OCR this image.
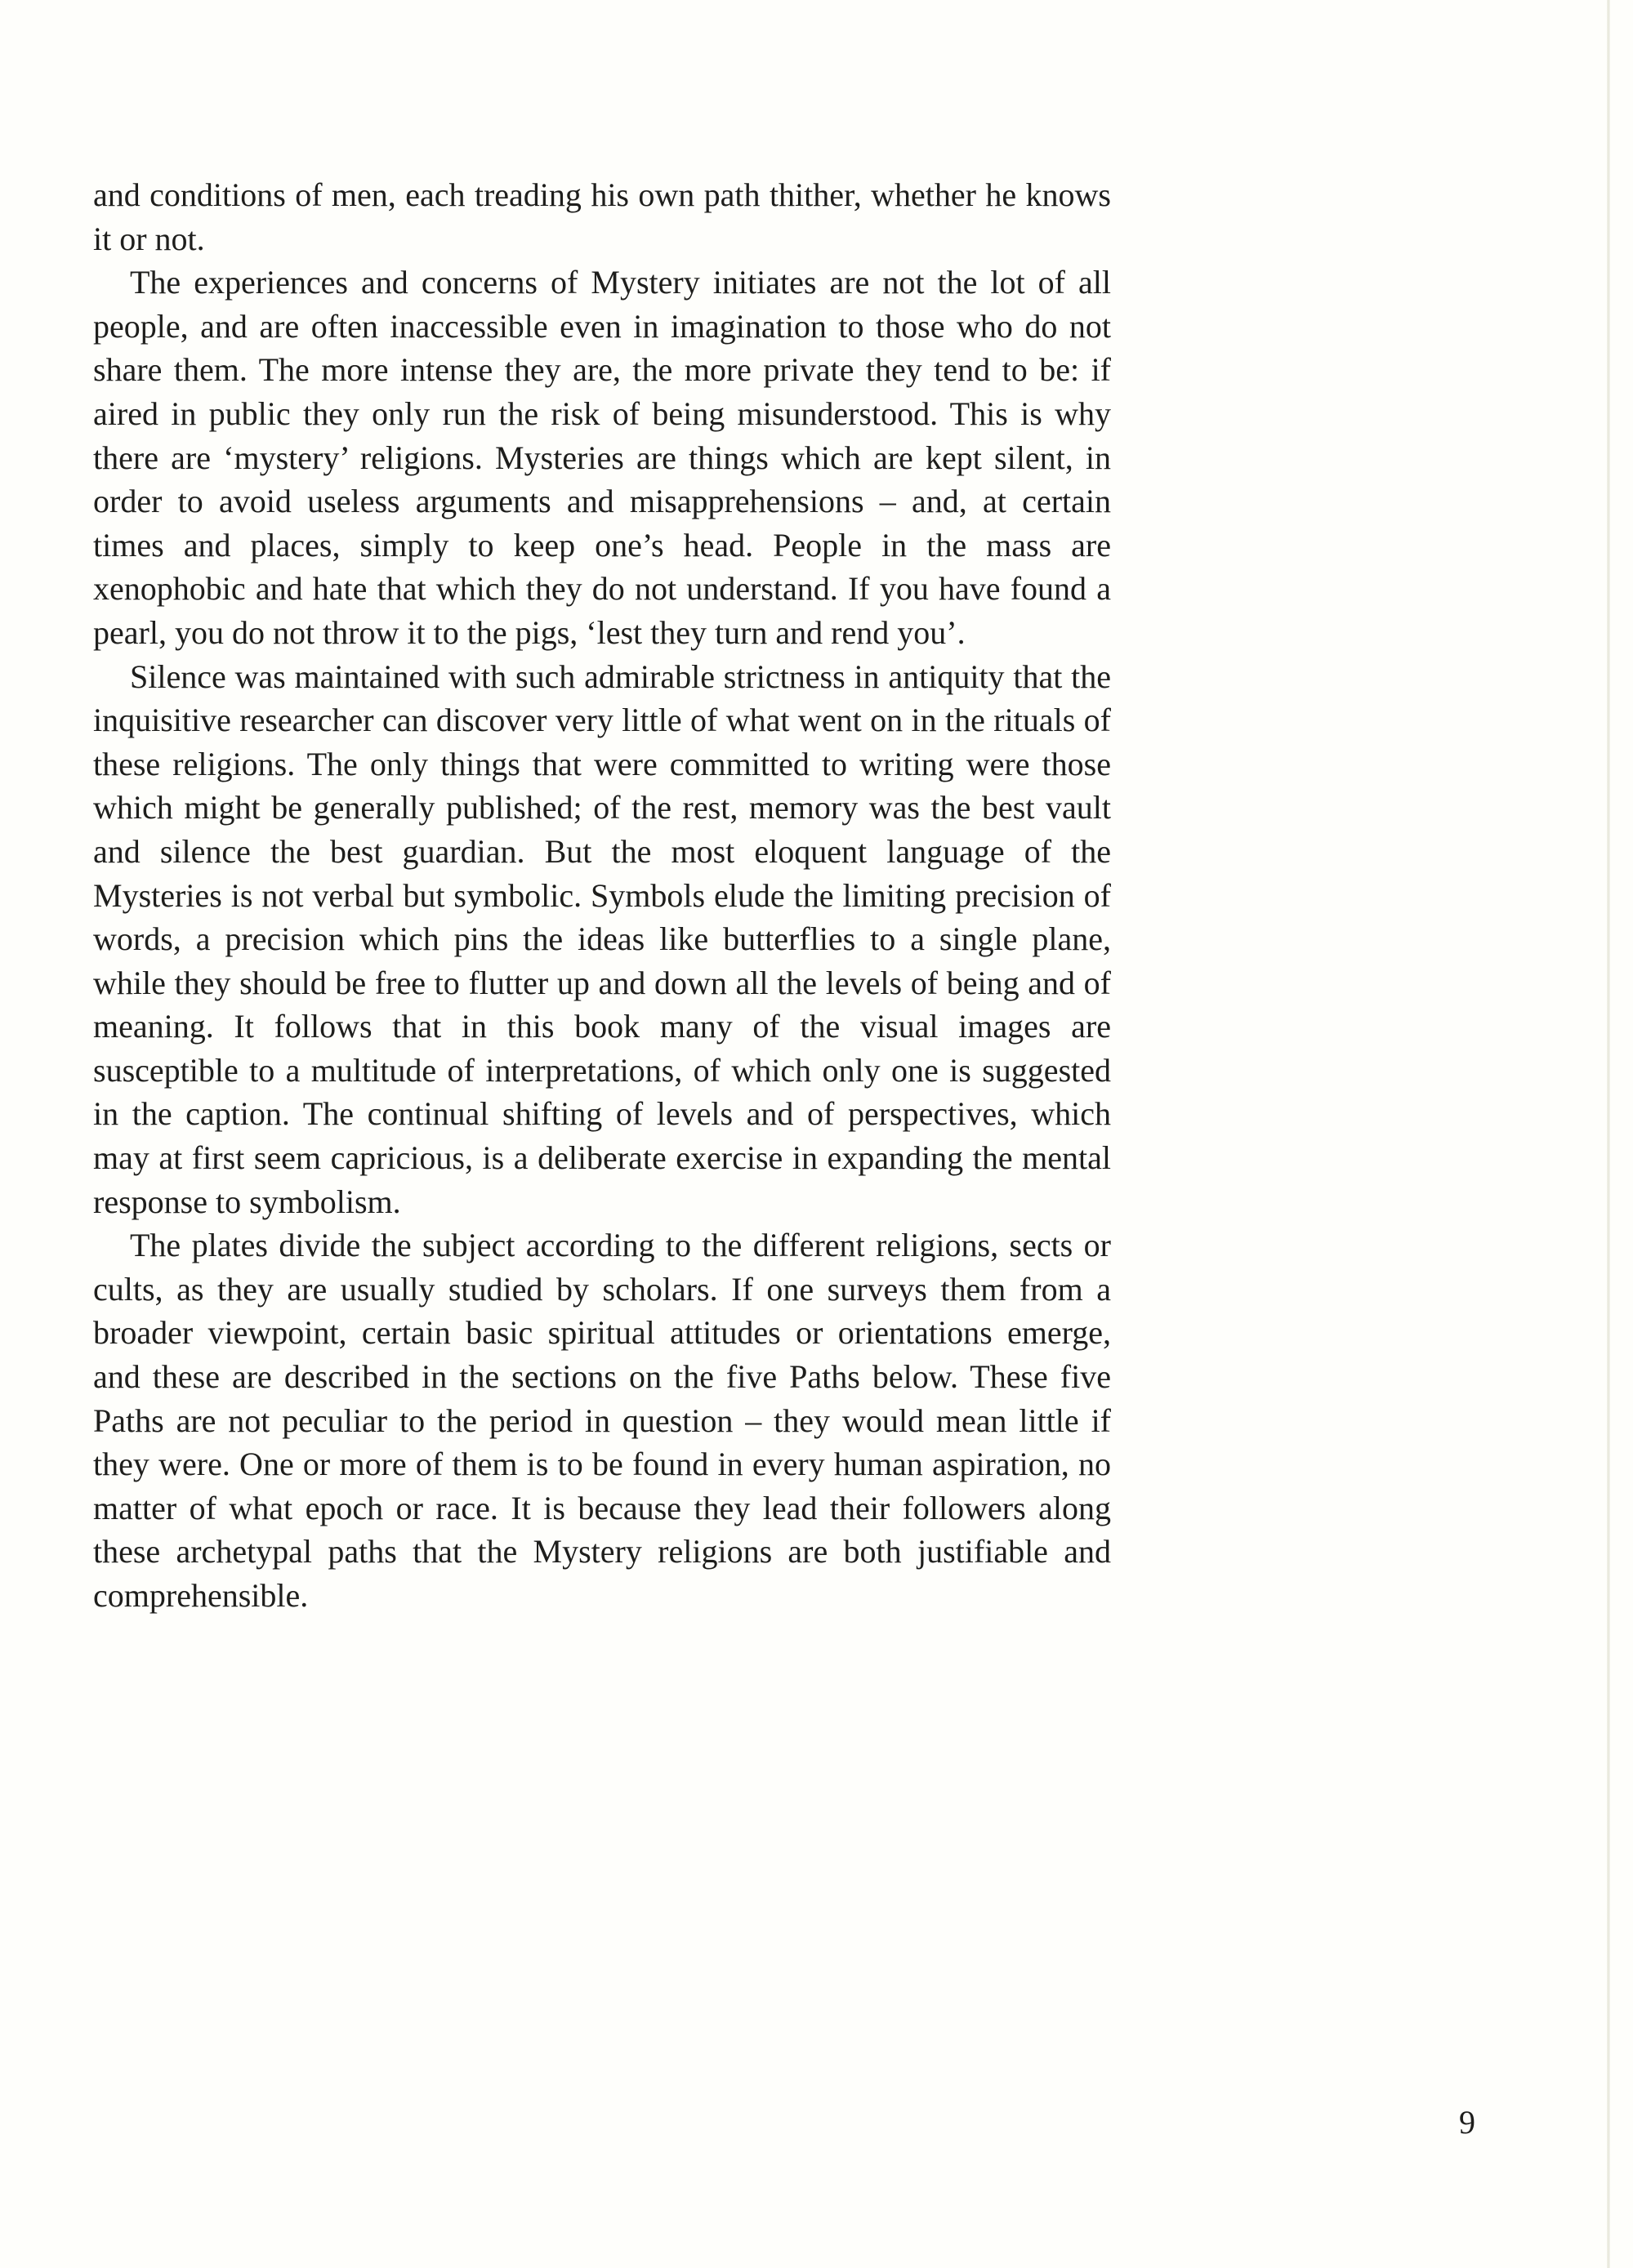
and conditions of men, each treading his own path thither, whether he knows it or not.

The experiences and concerns of Mystery initiates are not the lot of all people, and are often inaccessible even in imagination to those who do not share them. The more intense they are, the more private they tend to be: if aired in public they only run the risk of being misunderstood. This is why there are ‘mystery’ religions. Mysteries are things which are kept silent, in order to avoid useless arguments and misapprehensions – and, at certain times and places, simply to keep one’s head. People in the mass are xenophobic and hate that which they do not understand. If you have found a pearl, you do not throw it to the pigs, ‘lest they turn and rend you’.

Silence was maintained with such admirable strictness in antiquity that the inquisitive researcher can discover very little of what went on in the rituals of these religions. The only things that were committed to writing were those which might be generally published; of the rest, memory was the best vault and silence the best guardian. But the most eloquent language of the Mysteries is not verbal but symbolic. Symbols elude the limiting precision of words, a precision which pins the ideas like butterflies to a single plane, while they should be free to flutter up and down all the levels of being and of meaning. It follows that in this book many of the visual images are susceptible to a multitude of interpretations, of which only one is suggested in the caption. The continual shifting of levels and of perspectives, which may at first seem capricious, is a deliberate exercise in expanding the mental response to symbolism.

The plates divide the subject according to the different religions, sects or cults, as they are usually studied by scholars. If one surveys them from a broader viewpoint, certain basic spiritual attitudes or orientations emerge, and these are described in the sections on the five Paths below. These five Paths are not peculiar to the period in question – they would mean little if they were. One or more of them is to be found in every human aspiration, no matter of what epoch or race. It is because they lead their followers along these archetypal paths that the Mystery religions are both justifiable and comprehensible.

9
